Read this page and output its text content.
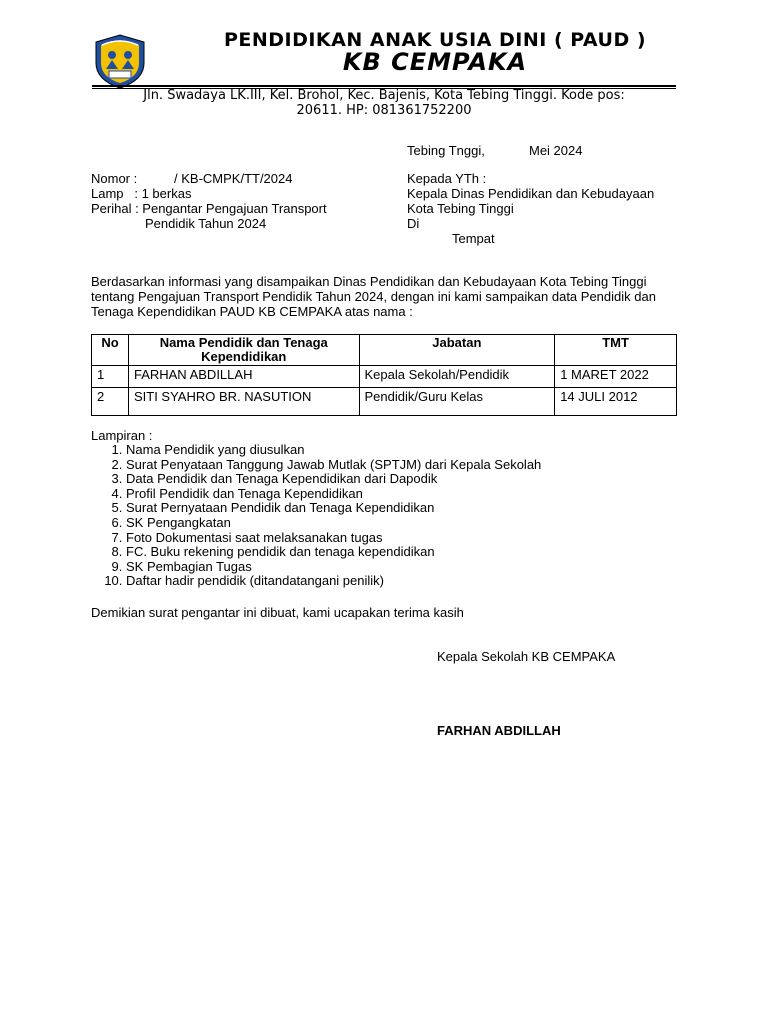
PENDIDIKAN ANAK USIA DINI ( PAUD )
KB CEMPAKA
Jln. Swadaya LK.III, Kel. Brohol, Kec. Bajenis, Kota Tebing Tinggi. Kode pos:
20611. HP: 081361752200
Tebing Tnggi,	Mei 2024
Nomor :	/ KB-CMPK/TT/2024
Lamp   : 1 berkas
Perihal : Pengantar Pengajuan Transport
Pendidik Tahun 2024
Kepada YTh :
Kepala Dinas Pendidikan dan Kebudayaan
Kota Tebing Tinggi
Di
Tempat
Berdasarkan informasi yang disampaikan Dinas Pendidikan dan Kebudayaan Kota Tebing Tinggi
tentang Pengajuan Transport Pendidik Tahun 2024, dengan ini kami sampaikan data Pendidik dan
Tenaga Kependidikan PAUD KB CEMPAKA atas nama :
No	Nama Pendidik dan Tenaga Kependidikan	Jabatan	TMT
1	FARHAN ABDILLAH	Kepala Sekolah/Pendidik	1 MARET 2022
2	SITI SYAHRO BR. NASUTION	Pendidik/Guru Kelas	14 JULI 2012
Lampiran :
1. Nama Pendidik yang diusulkan
2. Surat Penyataan Tanggung Jawab Mutlak (SPTJM) dari Kepala Sekolah
3. Data Pendidik dan Tenaga Kependidikan dari Dapodik
4. Profil Pendidik dan Tenaga Kependidikan
5. Surat Pernyataan Pendidik dan Tenaga Kependidikan
6. SK Pengangkatan
7. Foto Dokumentasi saat melaksanakan tugas
8. FC. Buku rekening pendidik dan tenaga kependidikan
9. SK Pembagian Tugas
10. Daftar hadir pendidik (ditandatangani penilik)
Demikian surat pengantar ini dibuat, kami ucapakan terima kasih
Kepala Sekolah KB CEMPAKA
FARHAN ABDILLAH
